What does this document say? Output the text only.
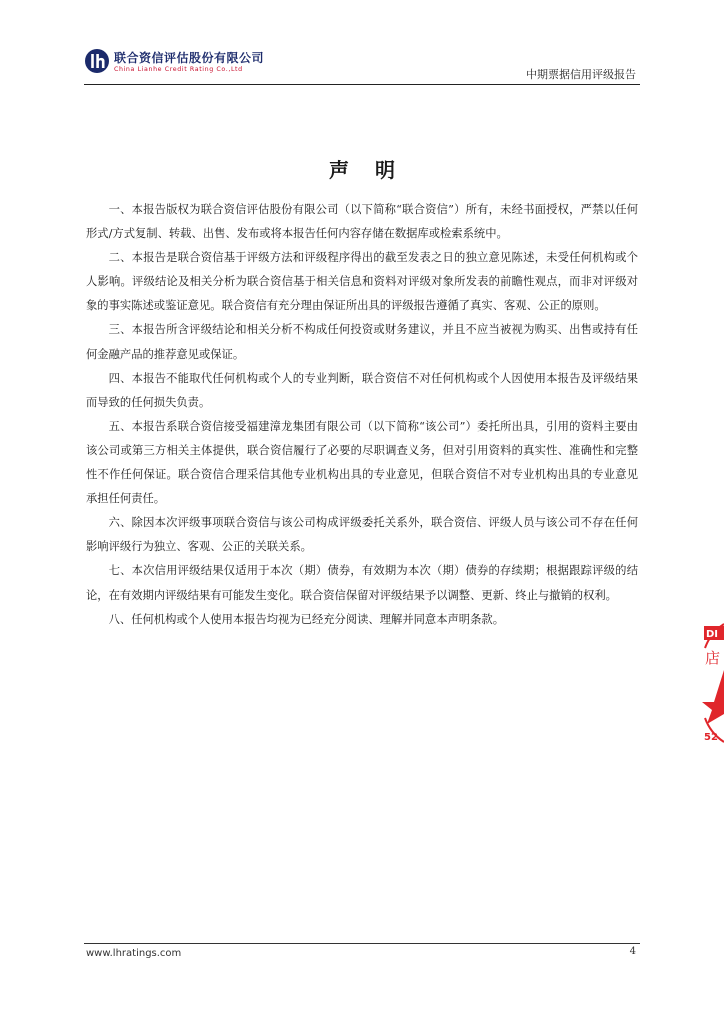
联合资信评估股份有限公司
China Lianhe Credit Rating Co.,Ltd	中期票据信用评级报告
声明

一、本报告版权为联合资信评估股份有限公司（以下简称“联合资信”）所有，未经书面授权，严禁以任何形式/方式复制、转载、出售、发布或将本报告任何内容存储在数据库或检索系统中。

二、本报告是联合资信基于评级方法和评级程序得出的截至发表之日的独立意见陈述，未受任何机构或个人影响。评级结论及相关分析为联合资信基于相关信息和资料对评级对象所发表的前瞻性观点，而非对评级对象的事实陈述或鉴证意见。联合资信有充分理由保证所出具的评级报告遵循了真实、客观、公正的原则。

三、本报告所含评级结论和相关分析不构成任何投资或财务建议，并且不应当被视为购买、出售或持有任何金融产品的推荐意见或保证。

四、本报告不能取代任何机构或个人的专业判断，联合资信不对任何机构或个人因使用本报告及评级结果而导致的任何损失负责。

五、本报告系联合资信接受福建漳龙集团有限公司（以下简称“该公司”）委托所出具，引用的资料主要由该公司或第三方相关主体提供，联合资信履行了必要的尽职调查义务，但对引用资料的真实性、准确性和完整性不作任何保证。联合资信合理采信其他专业机构出具的专业意见，但联合资信不对专业机构出具的专业意见承担任何责任。

六、除因本次评级事项联合资信与该公司构成评级委托关系外，联合资信、评级人员与该公司不存在任何影响评级行为独立、客观、公正的关联关系。

七、本次信用评级结果仅适用于本次（期）债券，有效期为本次（期）债券的存续期；根据跟踪评级的结论，在有效期内评级结果有可能发生变化。联合资信保留对评级结果予以调整、更新、终止与撤销的权利。

八、任何机构或个人使用本报告均视为已经充分阅读、理解并同意本声明条款。

DI
店
52
www.lhratings.com	4
